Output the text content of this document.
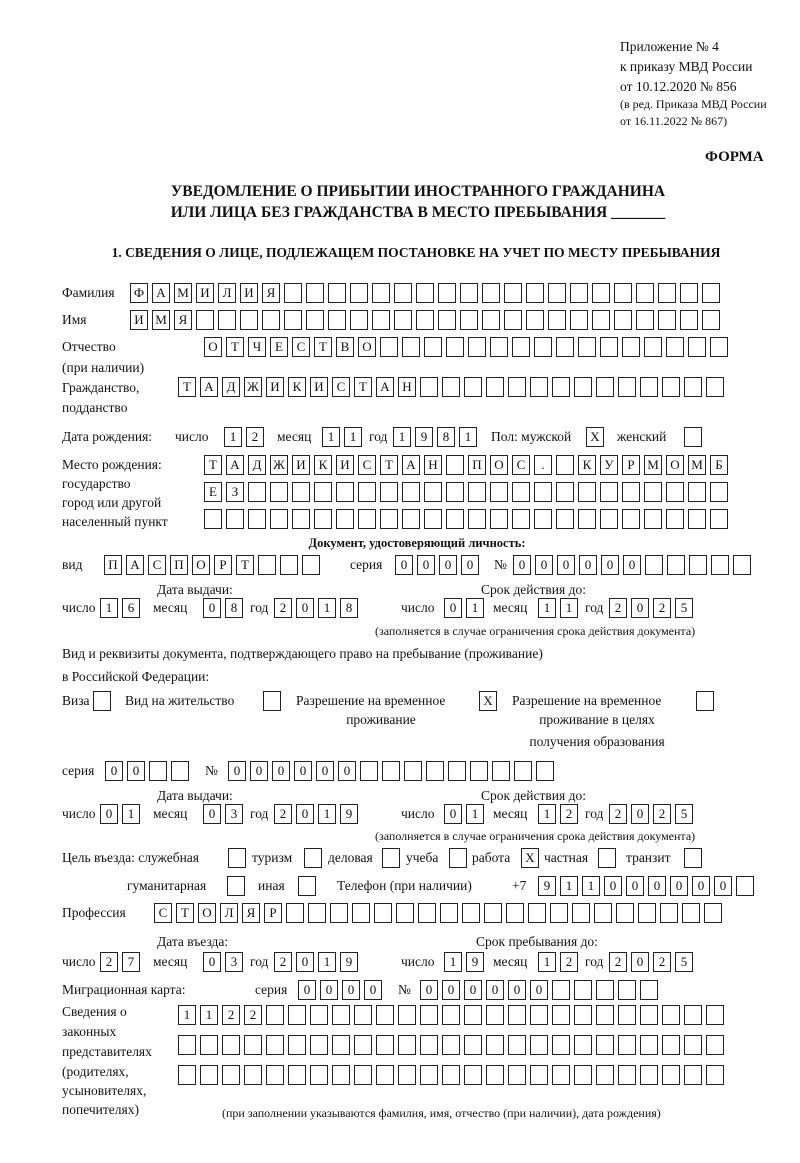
Приложение № 4
к приказу МВД России
от 10.12.2020 № 856
(в ред. Приказа МВД России
от 16.11.2022 № 867)
ФОРМА
УВЕДОМЛЕНИЕ О ПРИБЫТИИ ИНОСТРАННОГО ГРАЖДАНИНА
ИЛИ ЛИЦА БЕЗ ГРАЖДАНСТВА В МЕСТО ПРЕБЫВАНИЯ _______
1. СВЕДЕНИЯ О ЛИЦЕ, ПОДЛЕЖАЩЕМ ПОСТАНОВКЕ НА УЧЕТ ПО МЕСТУ ПРЕБЫВАНИЯ
Фамилия Ф А М И Л И Я
Имя	И М Я
Отчество
(при наличии)
О	Т	Ч	Е	С	Т	В О
Гражданство,
подданство
Т	А Д Ж И К И С	Т	А Н
Дата рождения: число	1	2	месяц	1	1 год 1	9	8	1	Пол: мужской	X	женский
Место рождения:
государство
город или другой
населенный пункт
Т	А Д Ж И К И С	Т	А Н	П О С	.	К	У	Р М О М Б
Е	З
Документ, удостоверяющий личность:
вид	П А С П О	Р	Т	серия	0	0	0	0	№ 0	0	0	0	0	0
Дата выдачи:	Срок действия до:
число 1	6	месяц	0	8 год 2	0	1	8	число	0	1	месяц	1	1 год 2	0	2	5
(заполняется в случае ограничения срока действия документа)
Вид и реквизиты документа, подтверждающего право на пребывание (проживание)
в Российской Федерации:
Виза	Вид на жительство	Разрешение на временное
проживание
X	Разрешение на временное
проживание в целях
получения образования
серия	0	0	№	0	0	0	0	0	0
Дата выдачи:	Срок действия до:
число 0	1	месяц	0	3 год 2	0	1	9	число	0	1	месяц	1	2 год 2	0	2	5
(заполняется в случае ограничения срока действия документа)
Цель въезда: служебная	туризм	деловая учеба работа	X частная	транзит
гуманитарная	иная	Телефон (при наличии)	+7	9	1	1	0	0	0	0	0	0
Профессия	С	Т	О Л	Я	Р
Дата въезда:	Срок пребывания до:
число 2	7	месяц	0	3 год 2	0	1	9	число	1	9	месяц	1	2 год 2	0	2	5
Миграционная карта:	серия	0	0	0	0	№	0	0	0	0	0	0
Сведения о
законных
представителях
(родителях,
усыновителях,
попечителях)
1	1	2	2
(при заполнении указываются фамилия, имя, отчество (при наличии), дата рождения)
